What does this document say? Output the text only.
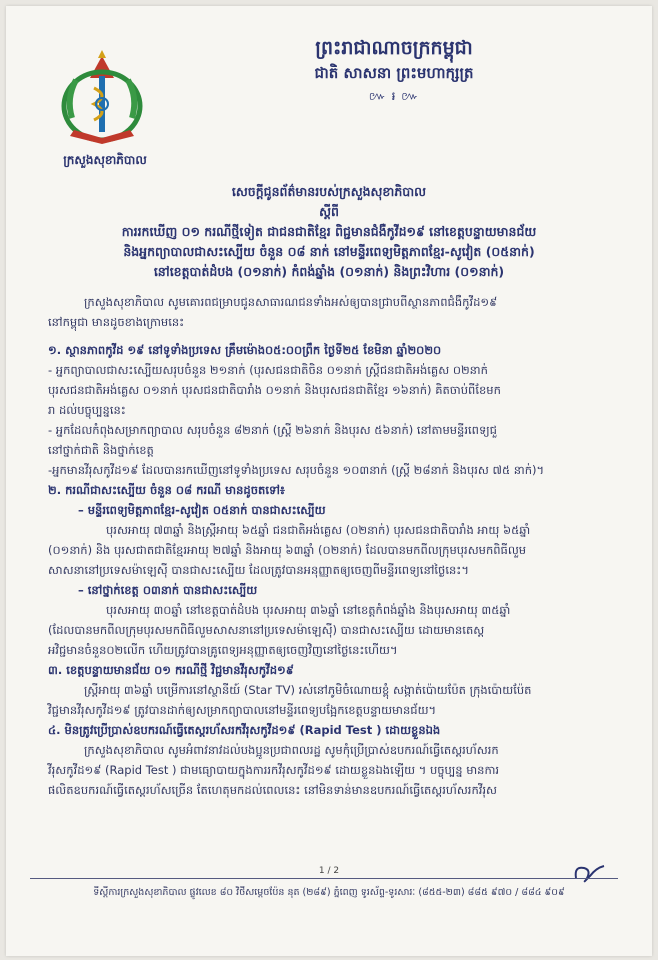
ក្រសួងសុខាភិបាល
ព្រះរាជាណាចក្រកម្ពុជា
ជាតិ សាសនា ព្រះមហាក្សត្រ
៚ ៛ ៚
សេចក្តីជូនព័ត៌មានរបស់ក្រសួងសុខាភិបាល
ស្តីពី
ការរកឃើញ ០១ ករណីថ្មីទៀត ជាជនជាតិខ្មែរ ពិជ្ជមានជំងឺកូវីដ១៩ នៅខេត្តបន្ទាយមានជ័យ
និងអ្នកព្យាបាលជាសះស្បើយ ចំនួន ០៨ នាក់ នៅមន្ទីរពេទ្យមិត្តភាពខ្មែរ-សូវៀត (០៥នាក់)
នៅខេត្តបាត់ដំបង (០១នាក់) កំពង់ឆ្នាំង (០១នាក់) និងព្រះវិហារ (០១នាក់)

ក្រសួងសុខាភិបាល សូមគោរពជម្រាបជូនសាធារណជនទាំងអស់ឲ្យបានជ្រាបពីស្ថានភាពជំងឺកូវីដ១៩

នៅកម្ពុជា មានដូចខាងក្រោមនេះ

១. ស្ថានភាពកូវីដ ១៩ នៅទូទាំងប្រទេស គ្រឹមម៉ោង០៥:០០ព្រឹក ថ្ងៃទី២៥ ខែមិនា ឆ្នាំ២០២០

- អ្នកព្យាបាលជាសះស្បើយសរុបចំនួន ២១នាក់ (បុរសជនជាតិចិន ០១នាក់ ស្ត្រីជនជាតិអង់គ្លេស ០២នាក់

បុរសជនជាតិអង់គ្លេស ០១នាក់ បុរសជនជាតិបារាំង ០១នាក់ និងបុរសជនជាតិខ្មែរ ១៦នាក់) គិតចាប់ពីខែមក

រា ដល់បច្ចុប្បន្ននេះ

- អ្នកដែលកំពុងសម្រាកព្យាបាល សរុបចំនួន ៨២នាក់ (ស្ត្រី ២៦នាក់ និងបុរស ៥៦នាក់) នៅតាមមន្ទីរពេទ្យជួ

នៅថ្នាក់ជាតិ និងថ្នាក់ខេត្ត

-អ្នកមានវីរុសកូវីដ១៩ ដែលបានរកឃើញនៅទូទាំងប្រទេស សរុបចំនួន ១០៣នាក់ (ស្ត្រី ២៨នាក់ និងបុរស ៧៥ នាក់)។

២. ករណីជាសះស្បើយ ចំនួន ០៨ ករណី មានដូចតទៅ៖

– មន្ទីរពេទ្យមិត្តភាពខ្មែរ-សូវៀត ០៥នាក់ បានជាសះស្បើយ

បុរសអាយុ ៧៣ឆ្នាំ និងស្ត្រីអាយុ ៦៥ឆ្នាំ ជនជាតិអង់គ្លេស (០២នាក់) បុរសជនជាតិបារាំង អាយុ ៦៥ឆ្នាំ

(០១នាក់) និង បុរសជាតជាតិខ្មែរអាយុ ២៧ឆ្នាំ និងអាយុ ៦៣ឆ្នាំ (០២នាក់) ដែលបានមកពីលក្រុមបុរសមកពិធីលួម

សាសនានៅប្រទេសម៉ាឡេស៊ី បានជាសះស្បើយ ដែលត្រូវបានអនុញ្ញាតឲ្យចេញពីមន្ទីរពេទ្យនៅថ្ងៃនេះ។

– នៅថ្នាក់ខេត្ត ០៣នាក់ បានជាសះស្បើយ

បុរសអាយុ ៣០ឆ្នាំ នៅខេត្តបាត់ដំបង បុរសអាយុ ៣៦ឆ្នាំ នៅខេត្តកំពង់ឆ្នាំង និងបុរសអាយុ ៣៥ឆ្នាំ

(ដែលបានមកពីលក្រុមបុរសមកពិធីលួមសាសនានៅប្រទេសម៉ាឡេស៊ី) បានជាសះស្បើយ ដោយមានតេស្ត

អវិជ្ជមានចំនួន០២លើក ហើយត្រូវបានគ្រូពេទ្យអនុញ្ញាតឲ្យចេញវិញនៅថ្ងៃនេះហើយ។

៣. ខេត្តបន្ទាយមានជ័យ ០១ ករណីថ្មី វិជ្ជមានវីរុសកូវីដ១៩

ស្ត្រីអាយុ ៣៦ឆ្នាំ បម្រើការនៅស្ថានីយ៍ (Star TV) រស់នៅភូមិចំណោយខ្ពុំ សង្កាត់ប៉ោយប៉ែត ក្រុងប៉ោយប៉ែត

វិជ្ជមានវីរុសកូវីដ១៩ ត្រូវបានដាក់ឲ្យសម្រាកព្យាបាលនៅមន្ទីរពេទ្យបង្អែកខេត្តបន្ទាយមានជ័យ។

៤. មិនត្រូវប្រើប្រាស់ឧបករណ៍ធ្វើតេស្តរហ័សរកវីរុសកូវីដ១៩ (Rapid Test ) ដោយខ្លួនឯង

ក្រសួងសុខាភិបាល សូមអំពាវនាវដល់បងប្អូនប្រជាពលរដ្ឋ សូមកុំប្រើប្រាស់ឧបករណ៍ធ្វើតេស្តរហ័សរក

វីរុសកូវីដ១៩ (Rapid Test ) ជាមធ្យោបាយក្នុងការរកវីរុសកូវីដ១៩ ដោយខ្លួនឯងឡើយ ។ បច្ចុប្បន្ន មានការ

ផលិតឧបករណ៍ធ្វើតេស្តរហ័សច្រើន តែហេតុមកដល់ពេលនេះ នៅមិនទាន់មានឧបករណ៍ធ្វើតេស្តរហ័សរកវីរុស

1 / 2
ទីស្តីការក្រសួងសុខាភិបាល ផ្លូវលេខ ៨០ វិថីសម្ដេចប៉ែន នុត (២៨៩) ភ្នំពេញ ទូរស័ព្ទ-ទូរសារៈ (៨៥៥-២៣) ៨៨៥ ៩៧០ / ៨៨៤ ៩០៩
